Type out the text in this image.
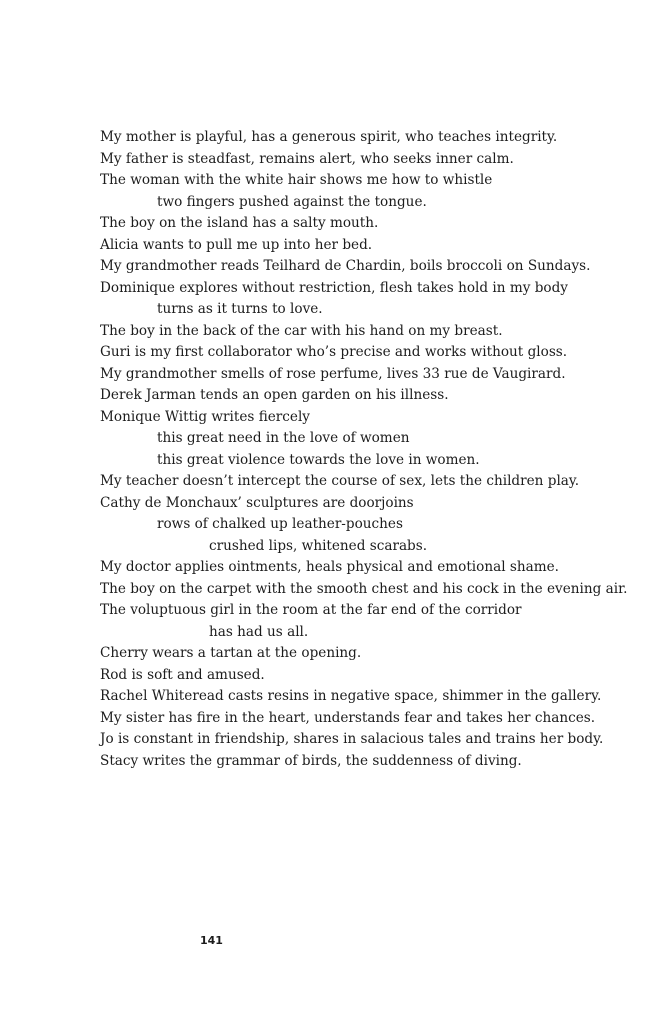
My mother is playful, has a generous spirit, who teaches integrity.
My father is steadfast, remains alert, who seeks inner calm.
The woman with the white hair shows me how to whistle
two fingers pushed against the tongue.
The boy on the island has a salty mouth.
Alicia wants to pull me up into her bed.
My grandmother reads Teilhard de Chardin, boils broccoli on Sundays.
Dominique explores without restriction, flesh takes hold in my body
turns as it turns to love.
The boy in the back of the car with his hand on my breast.
Guri is my first collaborator who’s precise and works without gloss.
My grandmother smells of rose perfume, lives 33 rue de Vaugirard.
Derek Jarman tends an open garden on his illness.
Monique Wittig writes fiercely
this great need in the love of women
this great violence towards the love in women.
My teacher doesn’t intercept the course of sex, lets the children play.
Cathy de Monchaux’ sculptures are doorjoins
rows of chalked up leather-pouches
crushed lips, whitened scarabs.
My doctor applies ointments, heals physical and emotional shame.
The boy on the carpet with the smooth chest and his cock in the evening air.
The voluptuous girl in the room at the far end of the corridor
has had us all.
Cherry wears a tartan at the opening.
Rod is soft and amused.
Rachel Whiteread casts resins in negative space, shimmer in the gallery.
My sister has fire in the heart, understands fear and takes her chances.
Jo is constant in friendship, shares in salacious tales and trains her body.
Stacy writes the grammar of birds, the suddenness of diving.
141
